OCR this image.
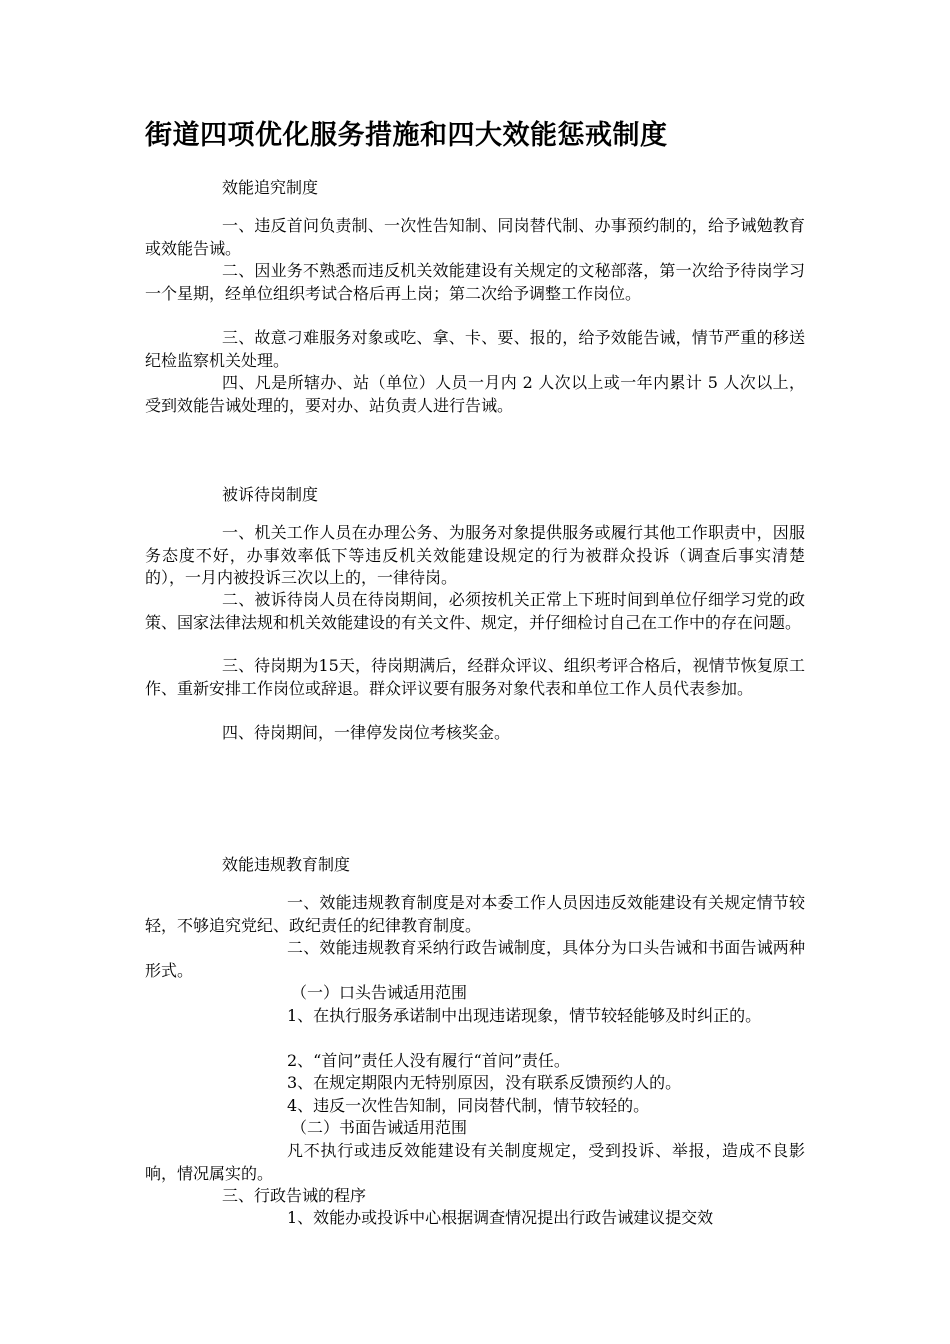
街道四项优化服务措施和四大效能惩戒制度
效能追究制度
一、违反首问负责制、一次性告知制、同岗替代制、办事预约制的，给予诫勉教育或效能告诫。
二、因业务不熟悉而违反机关效能建设有关规定的文秘部落，第一次给予待岗学习一个星期，经单位组织考试合格后再上岗；第二次给予调整工作岗位。
三、故意刁难服务对象或吃、拿、卡、要、报的，给予效能告诫，情节严重的移送纪检监察机关处理。
四、凡是所辖办、站（单位）人员一月内 2 人次以上或一年内累计 5 人次以上，受到效能告诫处理的，要对办、站负责人进行告诫。
被诉待岗制度
一、机关工作人员在办理公务、为服务对象提供服务或履行其他工作职责中，因服务态度不好，办事效率低下等违反机关效能建设规定的行为被群众投诉（调查后事实清楚的），一月内被投诉三次以上的，一律待岗。
二、被诉待岗人员在待岗期间，必须按机关正常上下班时间到单位仔细学习党的政策、国家法律法规和机关效能建设的有关文件、规定，并仔细检讨自己在工作中的存在问题。
三、待岗期为15天，待岗期满后，经群众评议、组织考评合格后，视情节恢复原工作、重新安排工作岗位或辞退。群众评议要有服务对象代表和单位工作人员代表参加。
四、待岗期间，一律停发岗位考核奖金。
效能违规教育制度
一、效能违规教育制度是对本委工作人员因违反效能建设有关规定情节较轻，不够追究党纪、政纪责任的纪律教育制度。
二、效能违规教育采纳行政告诫制度，具体分为口头告诫和书面告诫两种形式。
（一）口头告诫适用范围
1、在执行服务承诺制中出现违诺现象，情节较轻能够及时纠正的。
2、“首问”责任人没有履行“首问”责任。
3、在规定期限内无特别原因，没有联系反馈预约人的。
4、违反一次性告知制，同岗替代制，情节较轻的。
（二）书面告诫适用范围
凡不执行或违反效能建设有关制度规定，受到投诉、举报，造成不良影响，情况属实的。
三、行政告诫的程序
1、效能办或投诉中心根据调查情况提出行政告诫建议提交效
